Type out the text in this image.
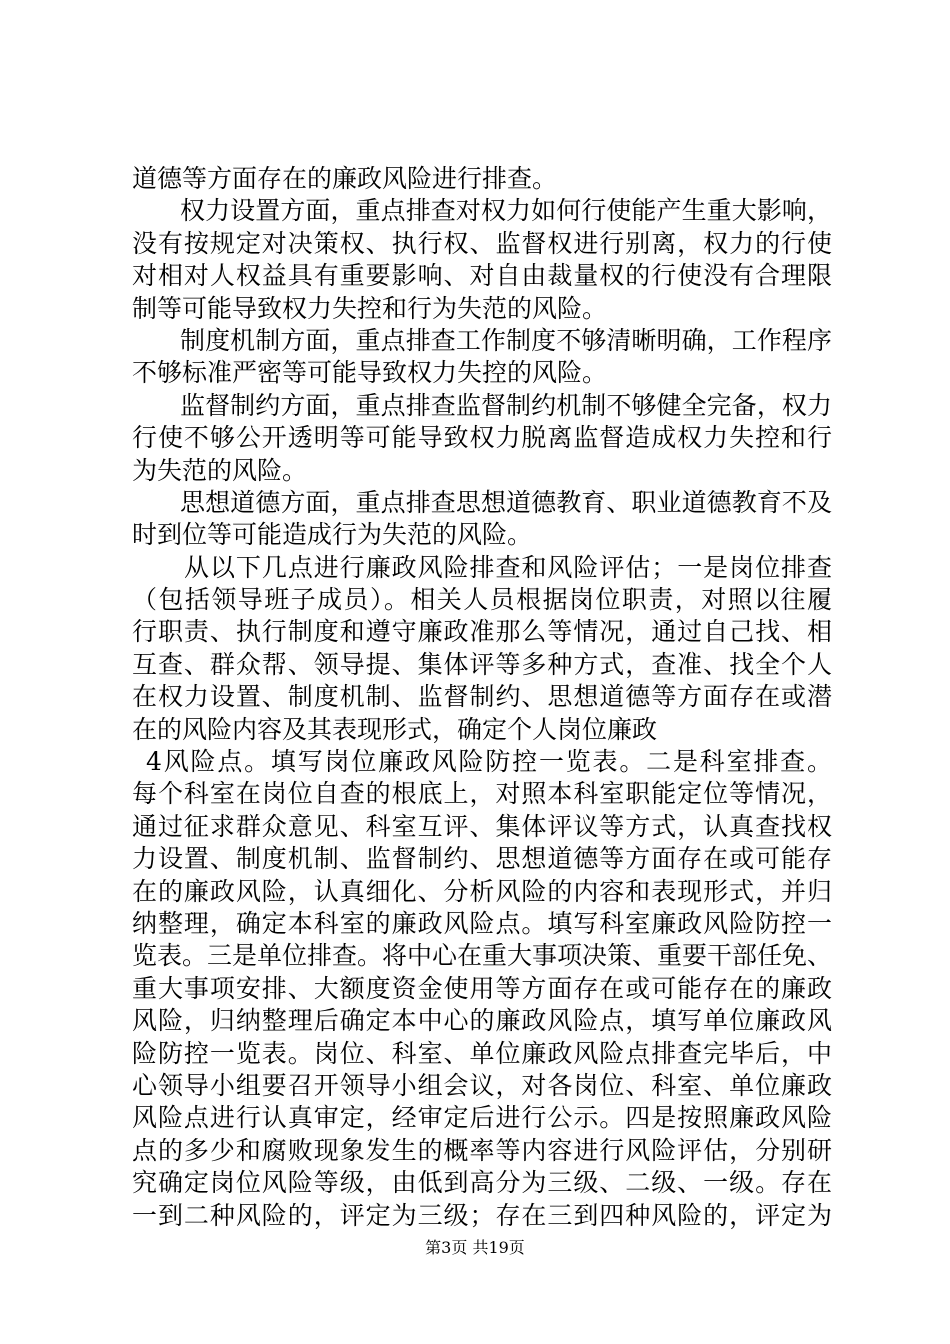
道德等方面存在的廉政风险进行排查。
权力设置方面，重点排查对权力如何行使能产生重大影响，
没有按规定对决策权、执行权、监督权进行别离，权力的行使
对相对人权益具有重要影响、对自由裁量权的行使没有合理限
制等可能导致权力失控和行为失范的风险。
制度机制方面，重点排查工作制度不够清晰明确，工作程序
不够标准严密等可能导致权力失控的风险。
监督制约方面，重点排查监督制约机制不够健全完备，权力
行使不够公开透明等可能导致权力脱离监督造成权力失控和行
为失范的风险。
思想道德方面，重点排查思想道德教育、职业道德教育不及
时到位等可能造成行为失范的风险。
从以下几点进行廉政风险排查和风险评估；一是岗位排查
（包括领导班子成员）。相关人员根据岗位职责，对照以往履
行职责、执行制度和遵守廉政准那么等情况，通过自己找、相
互查、群众帮、领导提、集体评等多种方式，查准、找全个人
在权力设置、制度机制、监督制约、思想道德等方面存在或潜
在的风险内容及其表现形式，确定个人岗位廉政
4风险点。填写岗位廉政风险防控一览表。二是科室排查。
每个科室在岗位自查的根底上，对照本科室职能定位等情况，
通过征求群众意见、科室互评、集体评议等方式，认真查找权
力设置、制度机制、监督制约、思想道德等方面存在或可能存
在的廉政风险，认真细化、分析风险的内容和表现形式，并归
纳整理，确定本科室的廉政风险点。填写科室廉政风险防控一
览表。三是单位排查。将中心在重大事项决策、重要干部任免、
重大事项安排、大额度资金使用等方面存在或可能存在的廉政
风险，归纳整理后确定本中心的廉政风险点，填写单位廉政风
险防控一览表。岗位、科室、单位廉政风险点排查完毕后，中
心领导小组要召开领导小组会议，对各岗位、科室、单位廉政
风险点进行认真审定，经审定后进行公示。四是按照廉政风险
点的多少和腐败现象发生的概率等内容进行风险评估，分别研
究确定岗位风险等级，由低到高分为三级、二级、一级。存在
一到二种风险的，评定为三级；存在三到四种风险的，评定为
第3页 共19页
